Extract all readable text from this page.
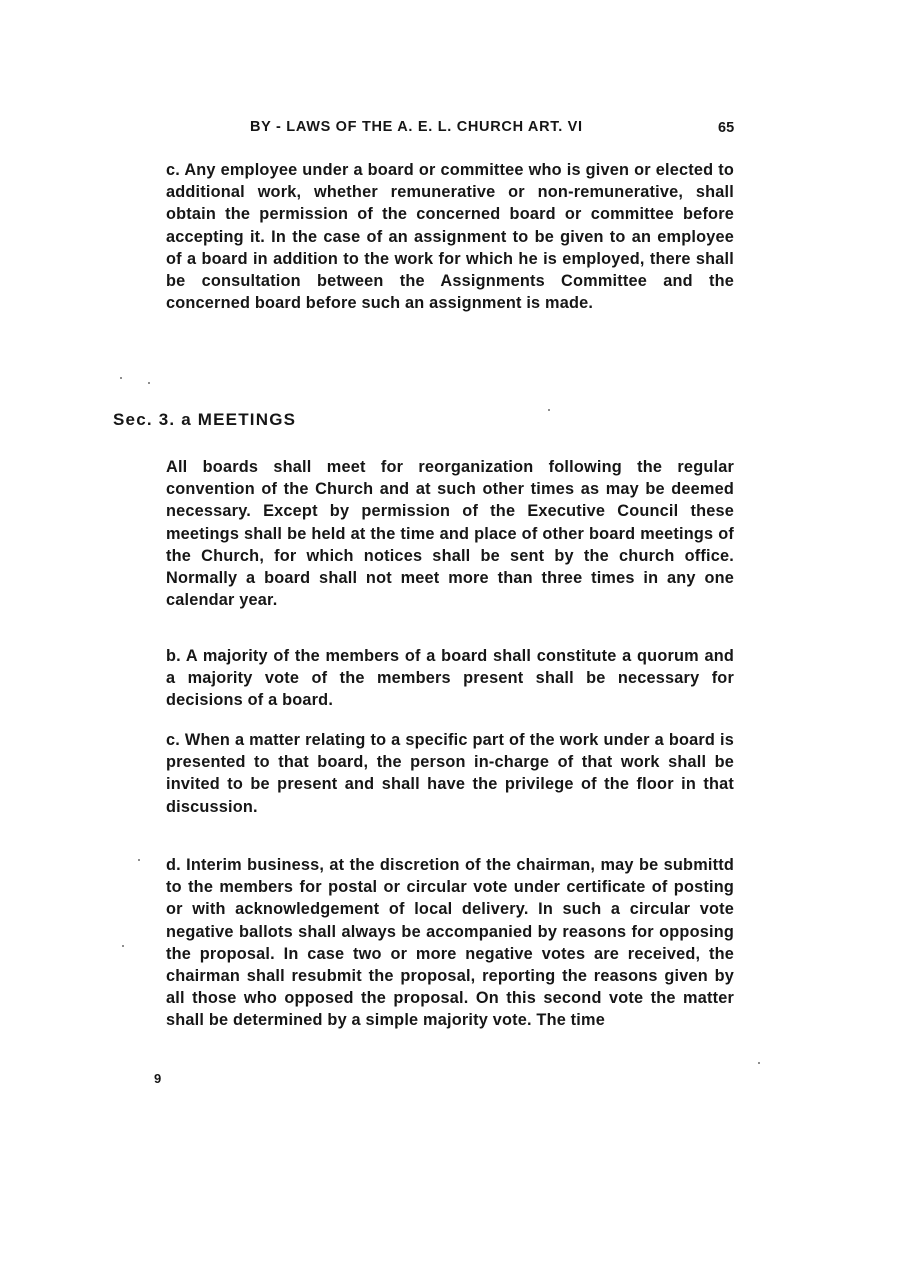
BY - LAWS OF THE A. E. L. CHURCH ART. VI	65

c. Any employee under a board or committee who is given or elected to additional work, whether remunerative or non-remunerative, shall obtain the permission of the concerned board or committee before accepting it. In the case of an assignment to be given to an employee of a board in addition to the work for which he is employed, there shall be consultation between the Assignments Committee and the concerned board before such an assignment is made.

Sec. 3. a MEETINGS

All boards shall meet for reorganization following the regular convention of the Church and at such other times as may be deemed necessary. Except by permission of the Executive Council these meetings shall be held at the time and place of other board meetings of the Church, for which notices shall be sent by the church office. Normally a board shall not meet more than three times in any one calendar year.

b. A majority of the members of a board shall constitute a quorum and a majority vote of the members present shall be necessary for decisions of a board.

c. When a matter relating to a specific part of the work under a board is presented to that board, the person in-charge of that work shall be invited to be present and shall have the privilege of the floor in that discussion.

d. Interim business, at the discretion of the chairman, may be submittd to the members for postal or circular vote under certificate of posting or with acknowledgement of local delivery. In such a circular vote negative ballots shall always be accompanied by reasons for opposing the proposal. In case two or more negative votes are received, the chairman shall resubmit the proposal, reporting the reasons given by all those who opposed the proposal. On this second vote the matter shall be determined by a simple majority vote. The time

9
